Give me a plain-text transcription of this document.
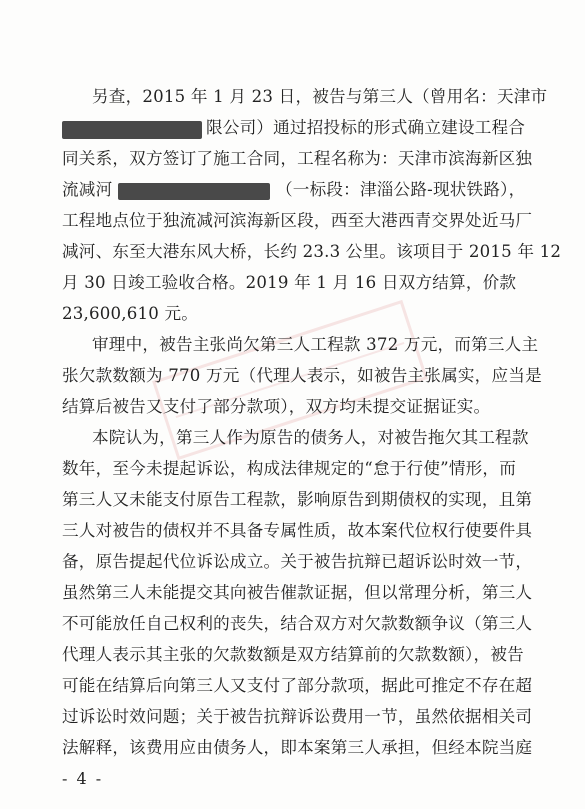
另查，2015 年 1 月 23 日，被告与第三人（曾用名：天津市
限公司）通过招投标的形式确立建设工程合
同关系，双方签订了施工合同，工程名称为：天津市滨海新区独
流减河	（一标段：津淄公路-现状铁路），
工程地点位于独流减河滨海新区段，西至大港西青交界处近马厂
减河、东至大港东风大桥，长约 23.3 公里。该项目于 2015 年 12
月 30 日竣工验收合格。2019 年 1 月 16 日双方结算，价款
23,600,610 元。
审理中，被告主张尚欠第三人工程款 372 万元，而第三人主
张欠款数额为 770 万元（代理人表示，如被告主张属实，应当是
结算后被告又支付了部分款项），双方均未提交证据证实。
本院认为，第三人作为原告的债务人，对被告拖欠其工程款
数年，至今未提起诉讼，构成法律规定的“怠于行使”情形，而
第三人又未能支付原告工程款，影响原告到期债权的实现，且第
三人对被告的债权并不具备专属性质，故本案代位权行使要件具
备，原告提起代位诉讼成立。关于被告抗辩已超诉讼时效一节，
虽然第三人未能提交其向被告催款证据，但以常理分析，第三人
不可能放任自己权利的丧失，结合双方对欠款数额争议（第三人
代理人表示其主张的欠款数额是双方结算前的欠款数额），被告
可能在结算后向第三人又支付了部分款项，据此可推定不存在超
过诉讼时效问题；关于被告抗辩诉讼费用一节，虽然依据相关司
法解释，该费用应由债务人，即本案第三人承担，但经本院当庭
- 4 -
